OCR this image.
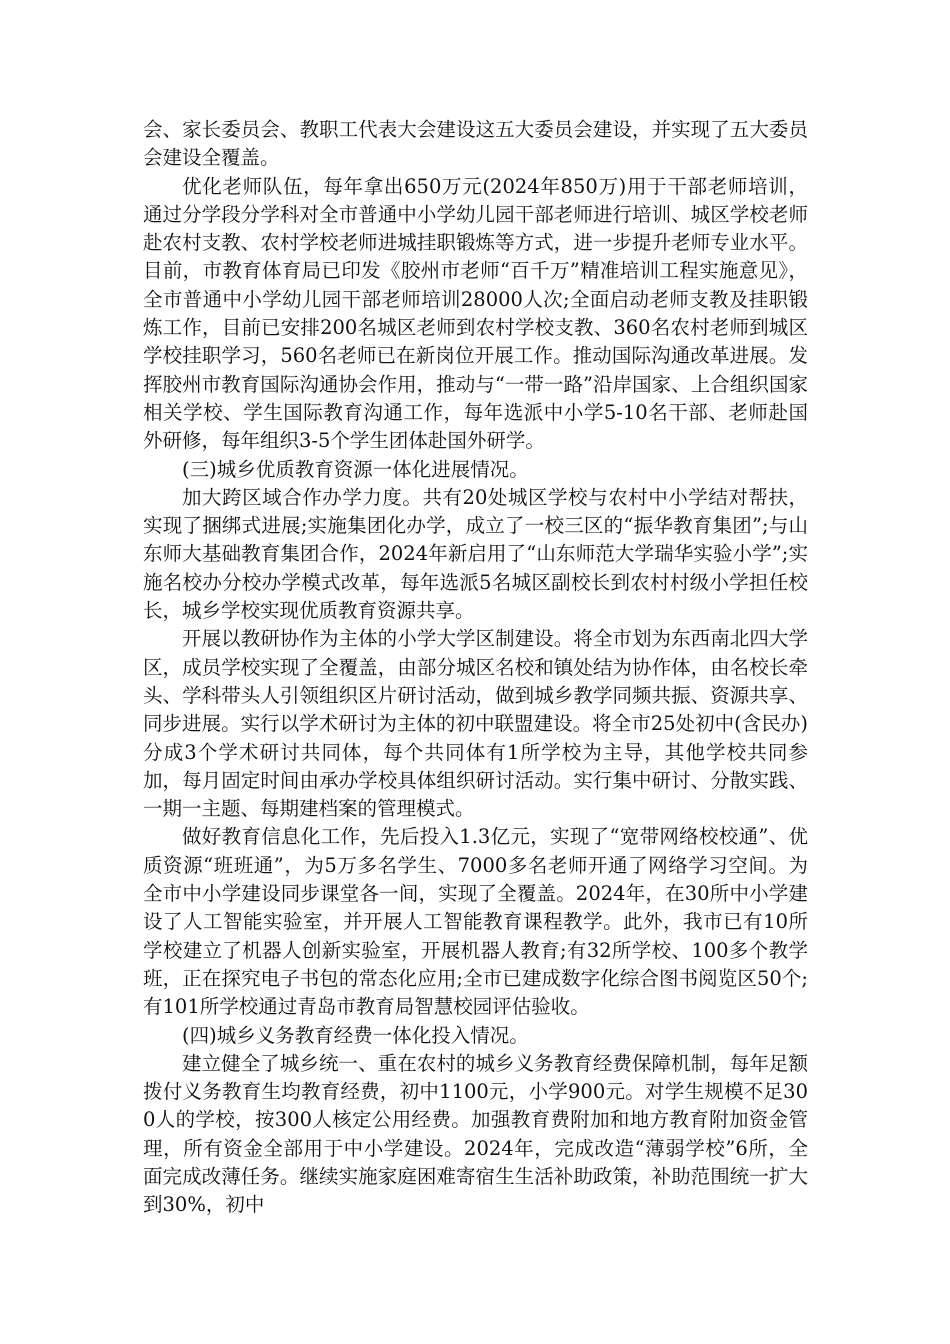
会、家长委员会、教职工代表大会建设这五大委员会建设，并实现了五大委员会建设全覆盖。

优化老师队伍，每年拿出650万元(2024年850万)用于干部老师培训，通过分学段分学科对全市普通中小学幼儿园干部老师进行培训、城区学校老师赴农村支教、农村学校老师进城挂职锻炼等方式，进一步提升老师专业水平。目前，市教育体育局已印发《胶州市老师“百千万”精准培训工程实施意见》，全市普通中小学幼儿园干部老师培训28000人次;全面启动老师支教及挂职锻炼工作，目前已安排200名城区老师到农村学校支教、360名农村老师到城区学校挂职学习，560名老师已在新岗位开展工作。推动国际沟通改革进展。发挥胶州市教育国际沟通协会作用，推动与“一带一路”沿岸国家、上合组织国家相关学校、学生国际教育沟通工作，每年选派中小学5-10名干部、老师赴国外研修，每年组织3-5个学生团体赴国外研学。

(三)城乡优质教育资源一体化进展情况。

加大跨区域合作办学力度。共有20处城区学校与农村中小学结对帮扶，实现了捆绑式进展;实施集团化办学，成立了一校三区的“振华教育集团”;与山东师大基础教育集团合作，2024年新启用了“山东师范大学瑞华实验小学”;实施名校办分校办学模式改革，每年选派5名城区副校长到农村村级小学担任校长，城乡学校实现优质教育资源共享。

开展以教研协作为主体的小学大学区制建设。将全市划为东西南北四大学区，成员学校实现了全覆盖，由部分城区名校和镇处结为协作体，由名校长牵头、学科带头人引领组织区片研讨活动，做到城乡教学同频共振、资源共享、同步进展。实行以学术研讨为主体的初中联盟建设。将全市25处初中(含民办)分成3个学术研讨共同体，每个共同体有1所学校为主导，其他学校共同参加，每月固定时间由承办学校具体组织研讨活动。实行集中研讨、分散实践、一期一主题、每期建档案的管理模式。

做好教育信息化工作，先后投入1.3亿元，实现了“宽带网络校校通”、优质资源“班班通”，为5万多名学生、7000多名老师开通了网络学习空间。为全市中小学建设同步课堂各一间，实现了全覆盖。2024年，在30所中小学建设了人工智能实验室，并开展人工智能教育课程教学。此外，我市已有10所学校建立了机器人创新实验室，开展机器人教育;有32所学校、100多个教学班，正在探究电子书包的常态化应用;全市已建成数字化综合图书阅览区50个;有101所学校通过青岛市教育局智慧校园评估验收。

(四)城乡义务教育经费一体化投入情况。

建立健全了城乡统一、重在农村的城乡义务教育经费保障机制，每年足额拨付义务教育生均教育经费，初中1100元，小学900元。对学生规模不足300人的学校，按300人核定公用经费。加强教育费附加和地方教育附加资金管理，所有资金全部用于中小学建设。2024年，完成改造“薄弱学校”6所，全面完成改薄任务。继续实施家庭困难寄宿生生活补助政策，补助范围统一扩大到30%，初中
